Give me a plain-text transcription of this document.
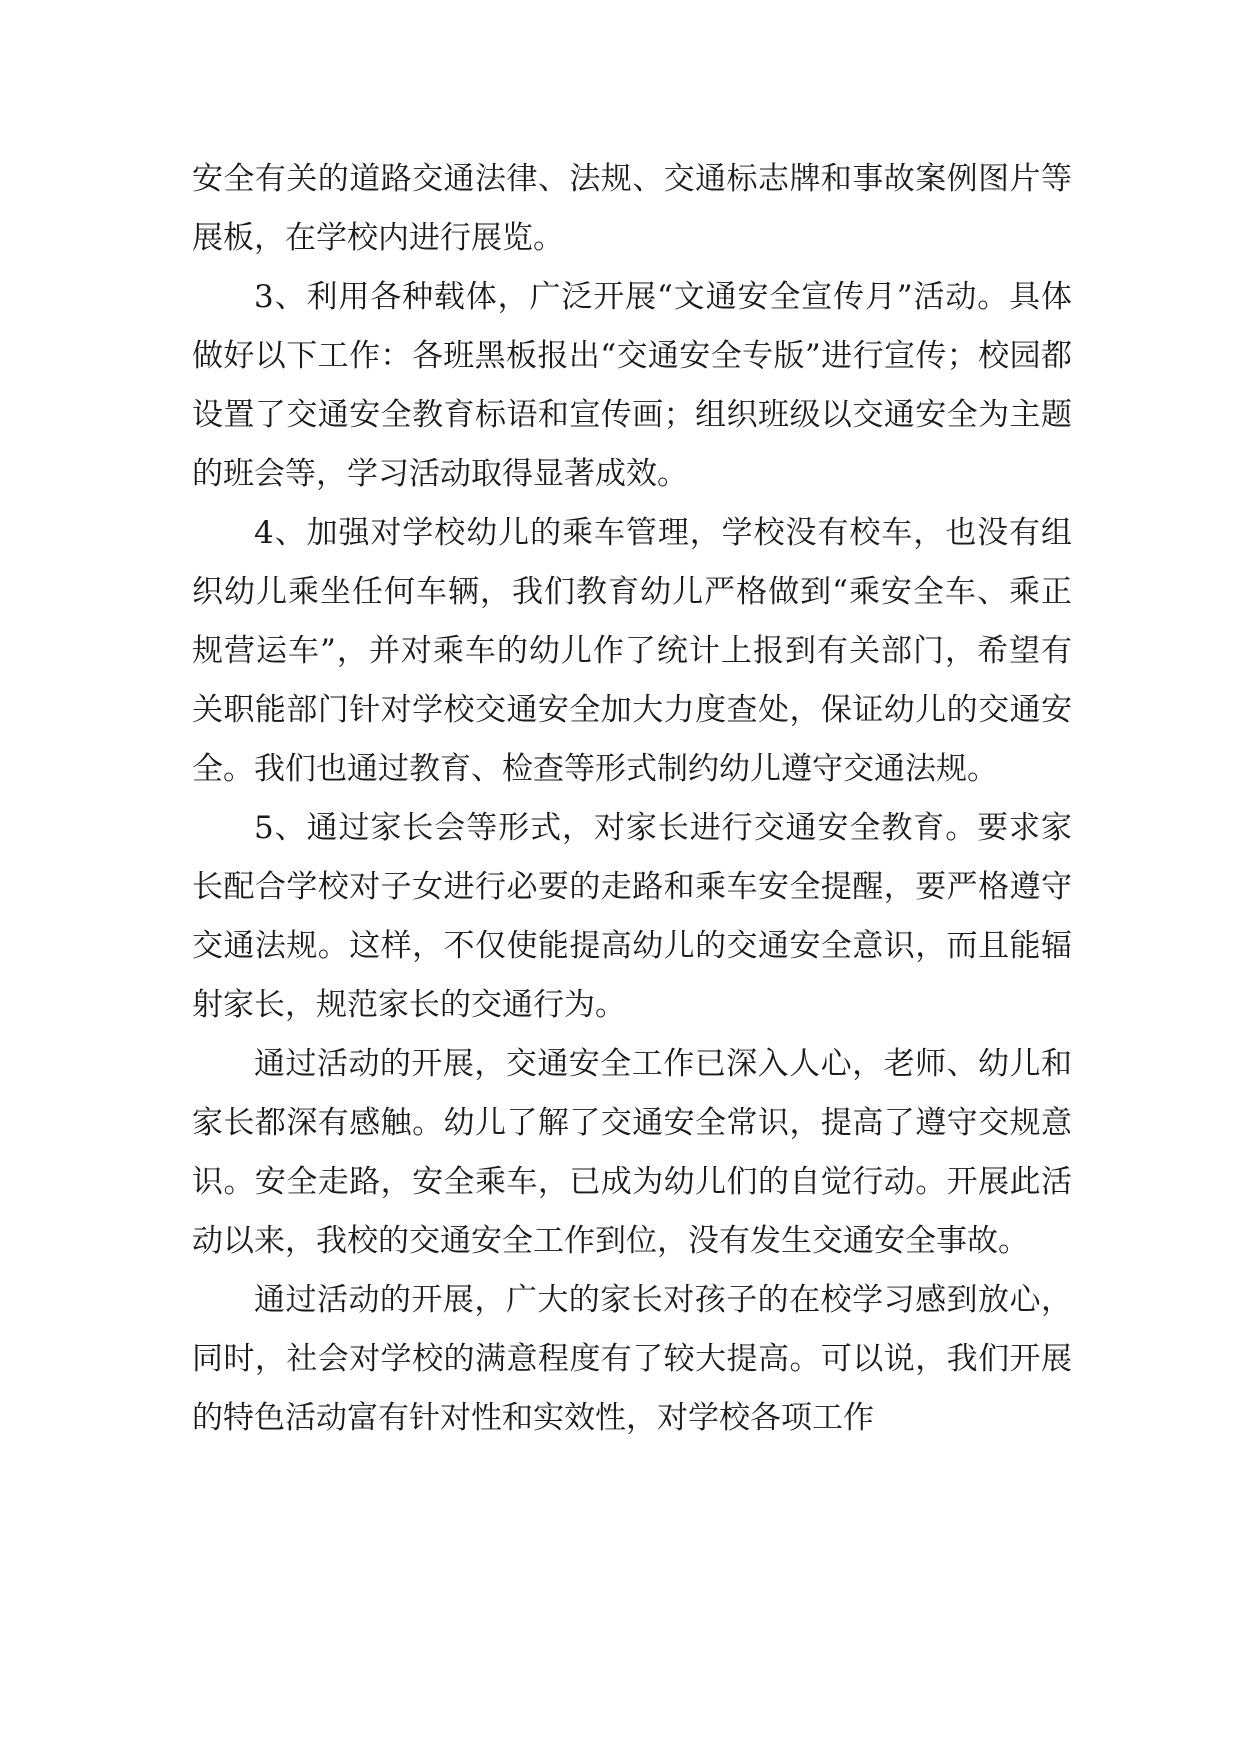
安全有关的道路交通法律、法规、交通标志牌和事故案例图片等展板，在学校内进行展览。

3、利用各种载体，广泛开展“文通安全宣传月”活动。具体做好以下工作：各班黑板报出“交通安全专版”进行宣传；校园都设置了交通安全教育标语和宣传画；组织班级以交通安全为主题的班会等，学习活动取得显著成效。

4、加强对学校幼儿的乘车管理，学校没有校车，也没有组织幼儿乘坐任何车辆，我们教育幼儿严格做到“乘安全车、乘正规营运车”，并对乘车的幼儿作了统计上报到有关部门，希望有关职能部门针对学校交通安全加大力度查处，保证幼儿的交通安全。我们也通过教育、检查等形式制约幼儿遵守交通法规。

5、通过家长会等形式，对家长进行交通安全教育。要求家长配合学校对子女进行必要的走路和乘车安全提醒，要严格遵守交通法规。这样，不仅使能提高幼儿的交通安全意识，而且能辐射家长，规范家长的交通行为。

通过活动的开展，交通安全工作已深入人心，老师、幼儿和家长都深有感触。幼儿了解了交通安全常识，提高了遵守交规意识。安全走路，安全乘车，已成为幼儿们的自觉行动。开展此活动以来，我校的交通安全工作到位，没有发生交通安全事故。

通过活动的开展，广大的家长对孩子的在校学习感到放心，同时，社会对学校的满意程度有了较大提高。可以说，我们开展的特色活动富有针对性和实效性，对学校各项工作
